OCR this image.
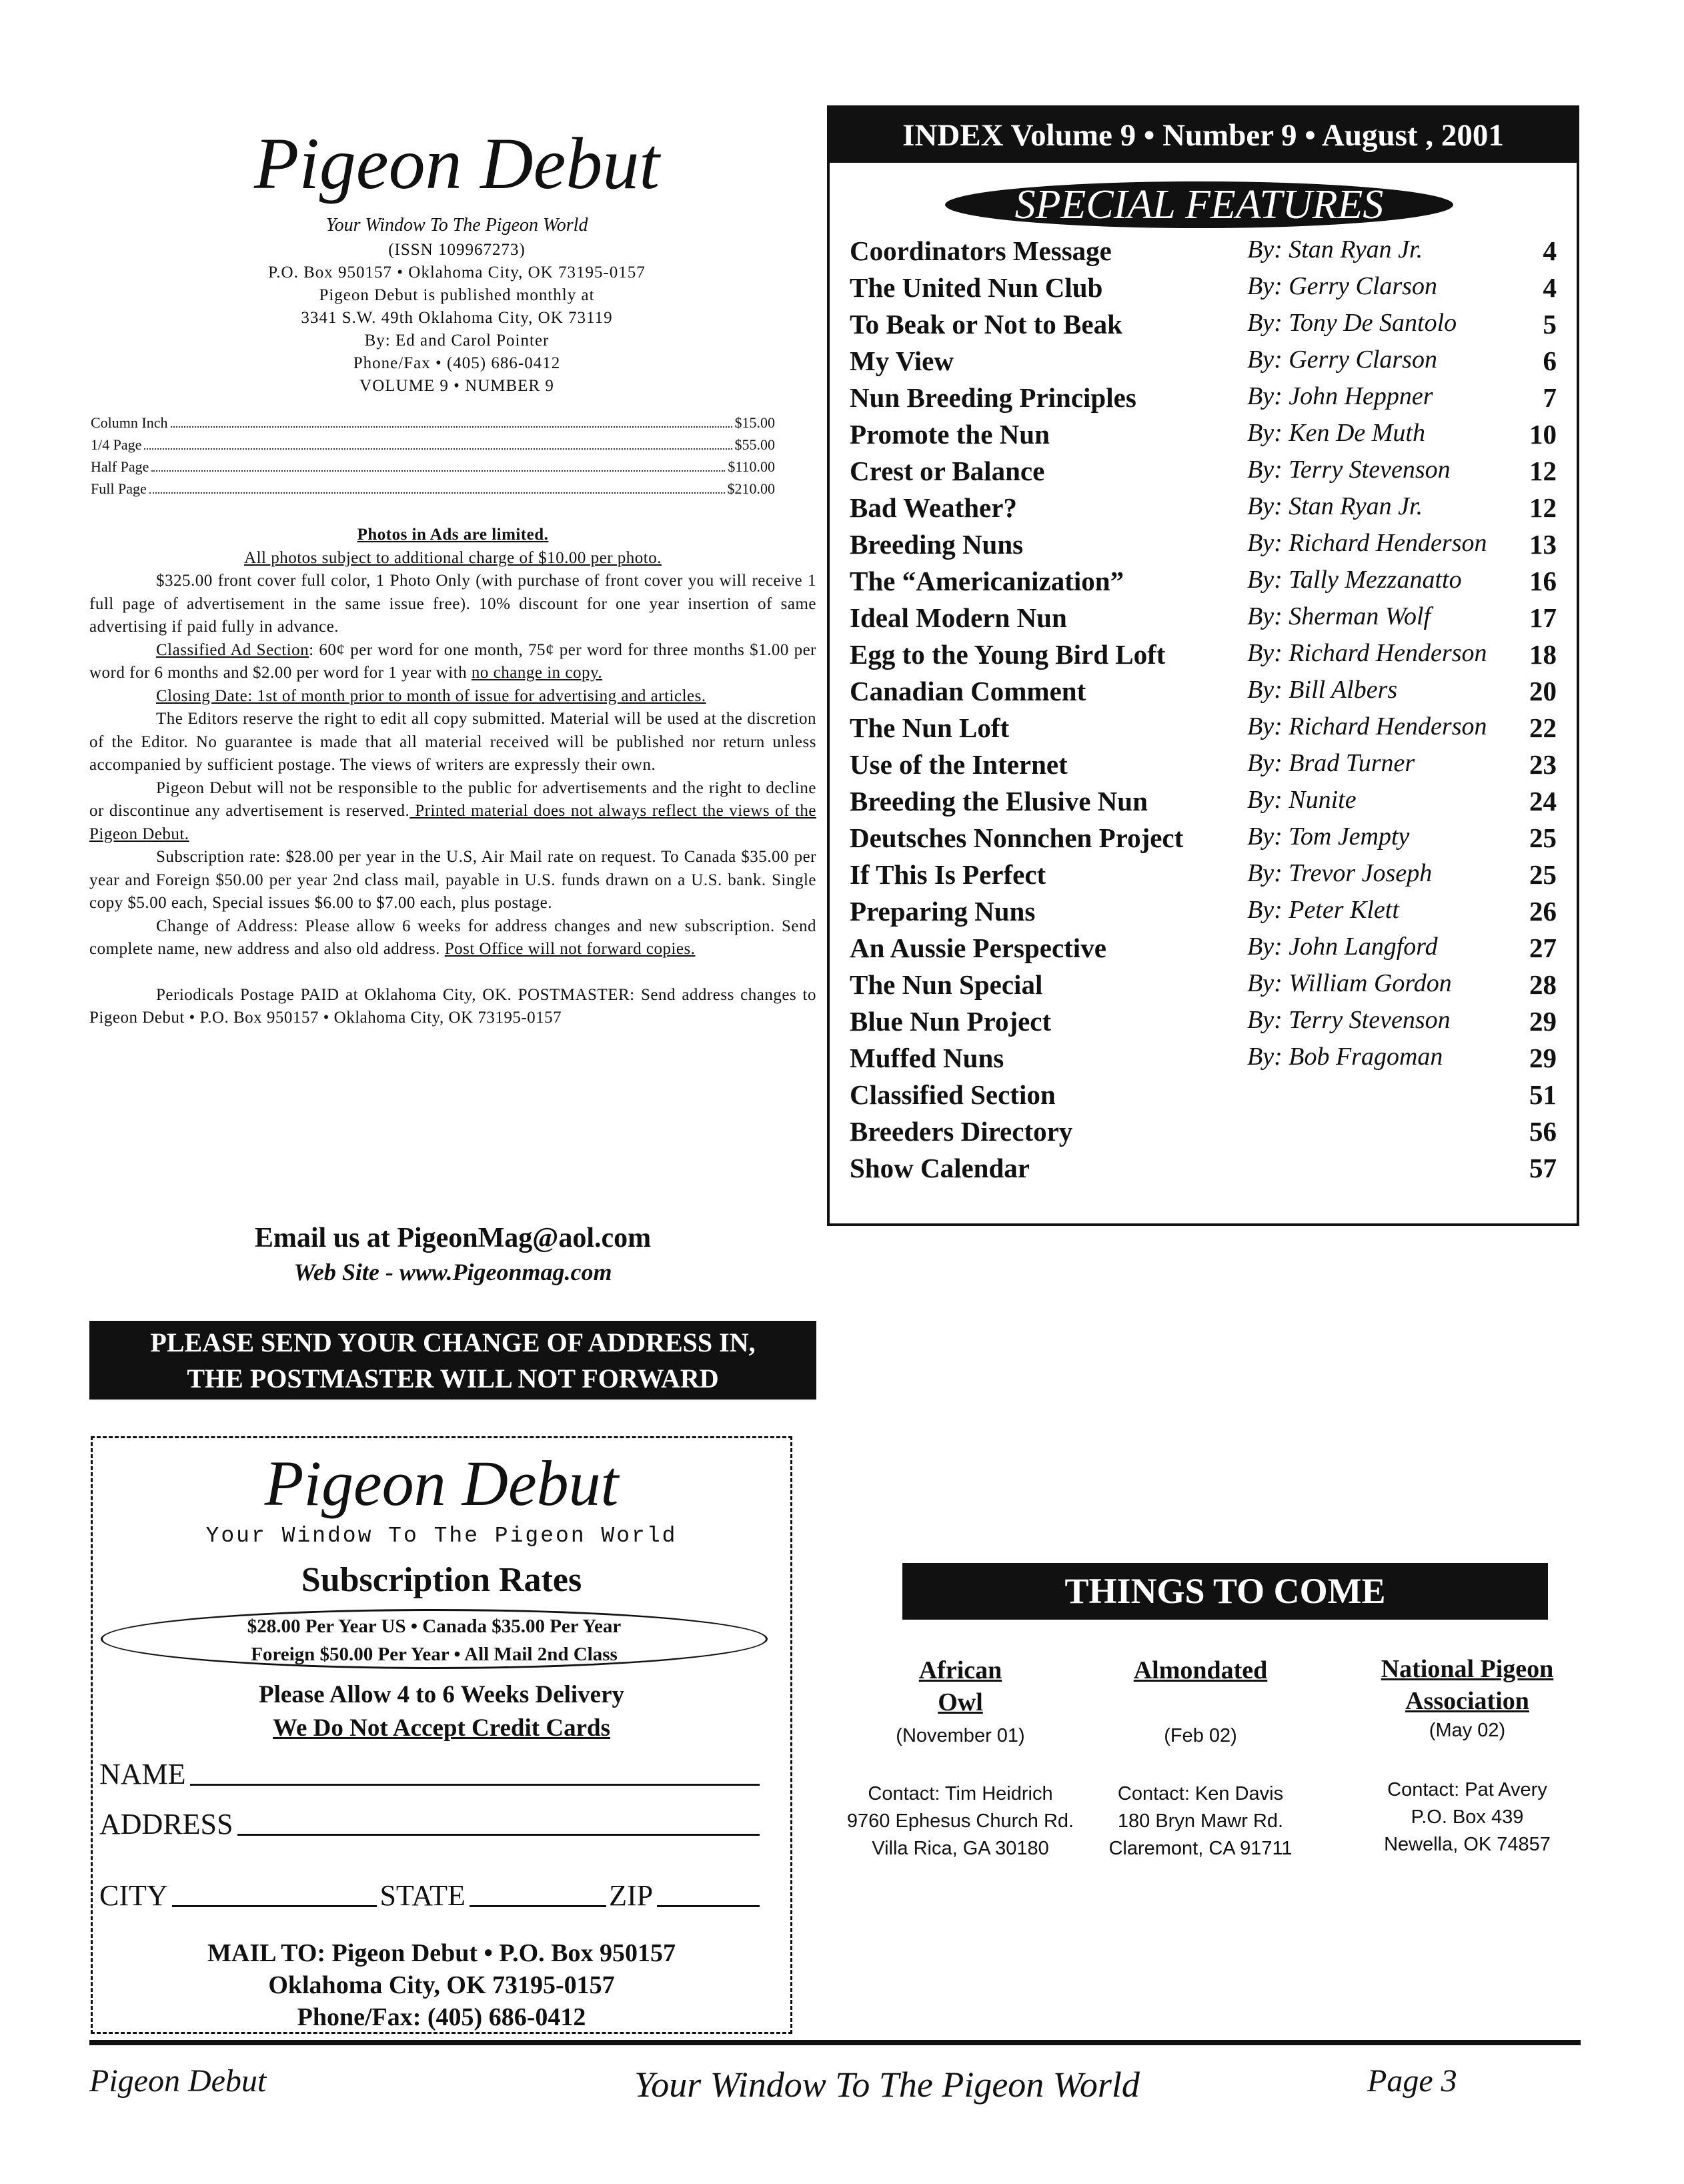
Pigeon Debut
Your Window To The Pigeon World
(ISSN 109967273)
P.O. Box 950157 • Oklahoma City, OK 73195-0157
Pigeon Debut is published monthly at
3341 S.W. 49th Oklahoma City, OK 73119
By: Ed and Carol Pointer
Phone/Fax • (405) 686-0412
VOLUME 9 • NUMBER 9
Column Inch	$15.00
1/4 Page	$55.00
Half Page	$110.00
Full Page	$210.00
Photos in Ads are limited.
All photos subject to additional charge of $10.00 per photo.

$325.00 front cover full color, 1 Photo Only (with purchase of front cover you will receive 1 full page of advertisement in the same issue free). 10% discount for one year insertion of same advertising if paid fully in advance.

Classified Ad Section: 60¢ per word for one month, 75¢ per word for three months $1.00 per word for 6 months and $2.00 per word for 1 year with no change in copy.

Closing Date: 1st of month prior to month of issue for advertising and articles.

The Editors reserve the right to edit all copy submitted. Material will be used at the discretion of the Editor. No guarantee is made that all material received will be published nor return unless accompanied by sufficient postage. The views of writers are expressly their own.

Pigeon Debut will not be responsible to the public for advertisements and the right to decline or discontinue any advertisement is reserved. Printed material does not always reflect the views of the Pigeon Debut.

Subscription rate: $28.00 per year in the U.S, Air Mail rate on request. To Canada $35.00 per year and Foreign $50.00 per year 2nd class mail, payable in U.S. funds drawn on a U.S. bank. Single copy $5.00 each, Special issues $6.00 to $7.00 each, plus postage.

Change of Address: Please allow 6 weeks for address changes and new subscription. Send complete name, new address and also old address. Post Office will not forward copies.

Periodicals Postage PAID at Oklahoma City, OK. POSTMASTER: Send address changes to Pigeon Debut • P.O. Box 950157 • Oklahoma City, OK 73195-0157

Email us at PigeonMag@aol.com
Web Site - www.Pigeonmag.com
PLEASE SEND YOUR CHANGE OF ADDRESS IN,
THE POSTMASTER WILL NOT FORWARD
Pigeon Debut
Your Window To The Pigeon World
Subscription Rates
$28.00 Per Year US • Canada $35.00 Per Year
Foreign $50.00 Per Year • All Mail 2nd Class
Please Allow 4 to 6 Weeks Delivery
We Do Not Accept Credit Cards
NAME
ADDRESS
CITY	STATE	ZIP
MAIL TO: Pigeon Debut • P.O. Box 950157
Oklahoma City, OK 73195-0157
Phone/Fax: (405) 686-0412
INDEX Volume 9 • Number 9 • August , 2001
SPECIAL FEATURES
Coordinators Message	By: Stan Ryan Jr.	4
The United Nun Club	By: Gerry Clarson	4
To Beak or Not to Beak	By: Tony De Santolo	5
My View	By: Gerry Clarson	6
Nun Breeding Principles	By: John Heppner	7
Promote the Nun	By: Ken De Muth	10
Crest or Balance	By: Terry Stevenson	12
Bad Weather?	By: Stan Ryan Jr.	12
Breeding Nuns	By: Richard Henderson 13
The “Americanization”	By: Tally Mezzanatto 16
Ideal Modern Nun	By: Sherman Wolf	17
Egg to the Young Bird Loft	By: Richard Henderson 18
Canadian Comment	By: Bill Albers	20
The Nun Loft	By: Richard Henderson 22
Use of the Internet	By: Brad Turner	23
Breeding the Elusive Nun	By: Nunite	24
Deutsches Nonnchen Project	By: Tom Jempty	25
If This Is Perfect	By: Trevor Joseph	25
Preparing Nuns	By: Peter Klett	26
An Aussie Perspective	By: John Langford	27
The Nun Special	By: William Gordon	28
Blue Nun Project	By: Terry Stevenson	29
Muffed Nuns	By: Bob Fragoman	29
Classified Section	51
Breeders Directory	56
Show Calendar	57
THINGS TO COME
African
Owl
(November 01)
Contact: Tim Heidrich
9760 Ephesus Church Rd.
Villa Rica, GA 30180
Almondated
(Feb 02)
Contact: Ken Davis
180 Bryn Mawr Rd.
Claremont, CA 91711
National Pigeon
Association
(May 02)
Contact: Pat Avery
P.O. Box 439
Newella, OK 74857
Pigeon Debut	Your Window To The Pigeon World	Page 3
